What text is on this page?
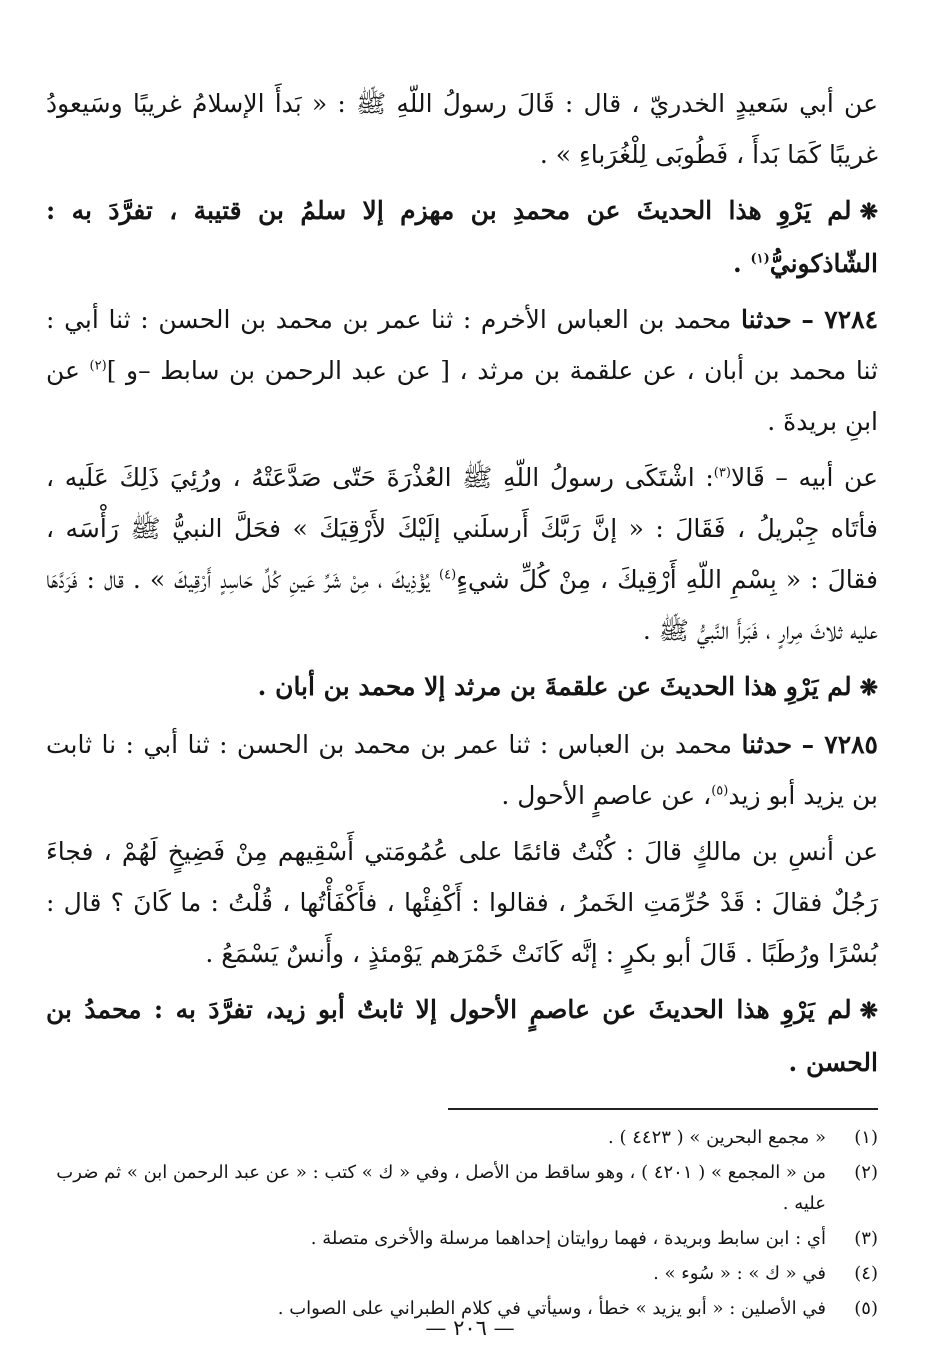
عن أبي سَعيدٍ الخدريّ ، قال : قَالَ رسولُ اللّهِ ﷺ : « بَدأَ الإسلامُ غريبًا وسَيعودُ غريبًا كَمَا بَدأَ ، فَطُوبَى لِلْغُرَباءِ » .

❋لم يَرْوِ هذا الحديثَ عن محمدِ بن مهزم إلا سلمُ بن قتيبة ، تفرَّدَ به : الشّاذكونيُّ$^{(١)}$ .

٧٢٨٤ – حدثنا محمد بن العباس الأخرم : ثنا عمر بن محمد بن الحسن : ثنا أبي : ثنا محمد بن أبان ، عن علقمة بن مرثد ، [ عن عبد الرحمن بن سابط –و ]$^{(٢)}$ عن ابنِ بريدةَ .

عن أبيه – قَالا$^{(٣)}$: اشْتَكَى رسولُ اللّهِ ﷺ العُذْرَةَ حَتّى صَدَّعَتْهُ ، ورُئِيَ ذَلِكَ عَلَيه ، فأتَاه جِبْريلُ ، فَقَالَ : « إنَّ رَبَّكَ أَرسلَني إلَيْكَ لأَرْقِيَكَ » فحَلَّ النبيُّ ﷺ رَأْسَه ، فقالَ : « بِسْمِ اللّهِ أَرْقِيكَ ، مِنْ كُلِّ شيءٍ$^{(٤)}$ يُؤْذِيكَ ، مِنْ شَرِّ عَينِ كُلِّ حَاسِدٍ أَرْقِيكَ » . قال : فَرَدَّهَا عليه ثلاثَ مِرارٍ ، فَبَرأَ النَّبيُّ ﷺ .

❋لم يَرْوِ هذا الحديثَ عن علقمةَ بن مرثد إلا محمد بن أبان .

٧٢٨٥ – حدثنا محمد بن العباس : ثنا عمر بن محمد بن الحسن : ثنا أبي : نا ثابت بن يزيد أبو زيد$^{(٥)}$، عن عاصمٍ الأحول .

عن أنسِ بن مالكٍ قالَ : كُنْتُ قائمًا على عُمُومَتي أَسْقِيهم مِنْ فَضِيخٍ لَهُمْ ، فجاءَ رَجُلٌ فقالَ : قَدْ حُرِّمَتِ الخَمرُ ، فقالوا : أَكْفِئْها ، فأَكْفَأْتُها ، قُلْتُ : ما كَانَ ؟ قال : بُسْرًا ورُطَبًا . قَالَ أبو بكرٍ : إنَّه كَانَتْ خَمْرَهم يَوْمئذٍ ، وأَنسٌ يَسْمَعُ .

❋لم يَرْوِ هذا الحديثَ عن عاصمٍ الأحول إلا ثابتٌ أبو زيد، تفرَّدَ به : محمدُ بن الحسن .

(١)
« مجمع البحرين » ( ٤٤٢٣ ) .

(٢)
من « المجمع » ( ٤٢٠١ ) ، وهو ساقط من الأصل ، وفي « ك » كتب : « عن عبد الرحمن ابن » ثم ضرب عليه .

(٣)
أي : ابن سابط وبريدة ، فهما روايتان إحداهما مرسلة والأخرى متصلة .

(٤)
في « ك » : « سُوء » .

(٥)
في الأصلين : « أبو يزيد » خطأ ، وسيأتي في كلام الطبراني على الصواب .

— ٢٠٦ —
